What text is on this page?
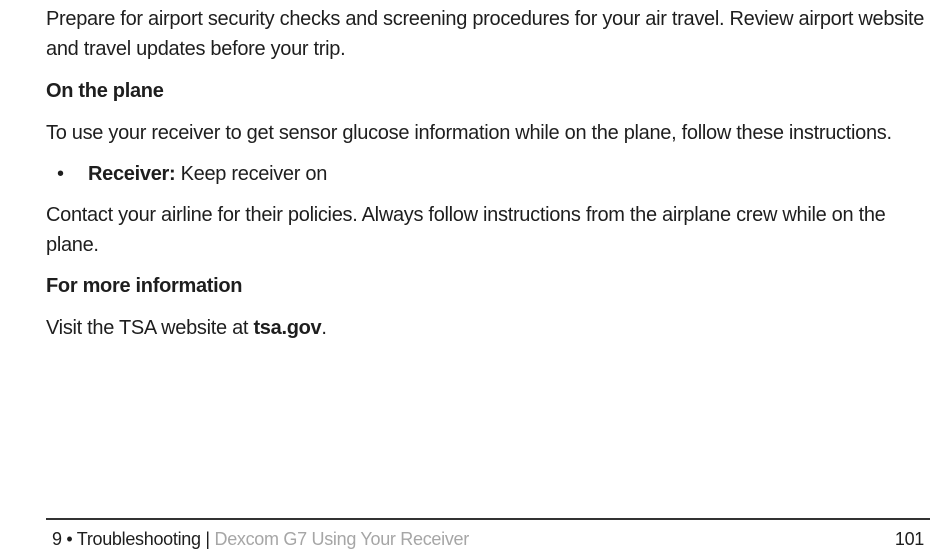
Prepare for airport security checks and screening procedures for your air travel. Review airport website and travel updates before your trip.

On the plane

To use your receiver to get sensor glucose information while on the plane, follow these instructions.

• Receiver: Keep receiver on

Contact your airline for their policies. Always follow instructions from the airplane crew while on the plane.

For more information

Visit the TSA website at tsa.gov.

9 • Troubleshooting | Dexcom G7 Using Your Receiver	101
